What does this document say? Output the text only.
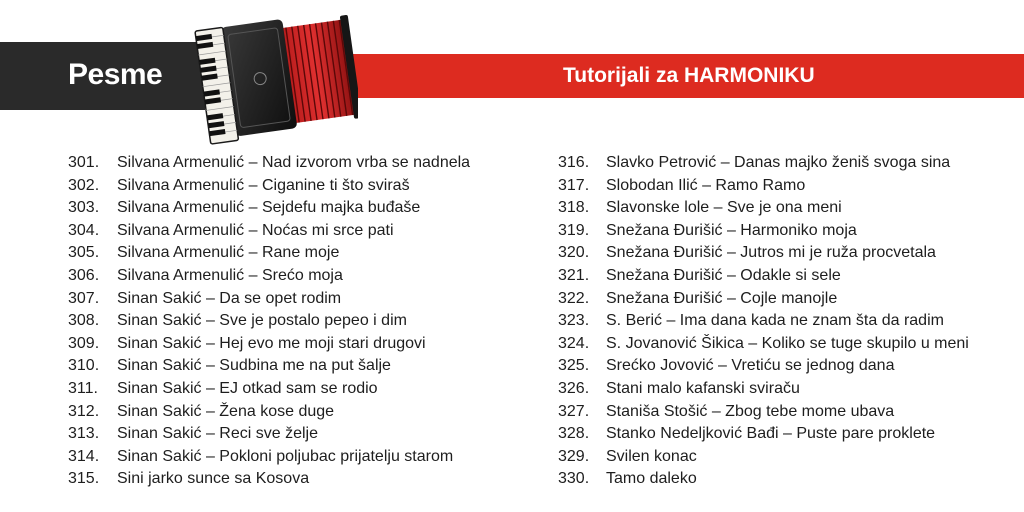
Pesme	Tutorijali za HARMONIKU
301. Silvana Armenulić – Nad izvorom vrba se nadnela
302. Silvana Armenulić – Ciganine ti što sviraš
303. Silvana Armenulić – Sejdefu majka buđaše
304. Silvana Armenulić – Noćas mi srce pati
305. Silvana Armenulić – Rane moje
306. Silvana Armenulić – Srećo moja
307. Sinan Sakić – Da se opet rodim
308. Sinan Sakić – Sve je postalo pepeo i dim
309. Sinan Sakić – Hej evo me moji stari drugovi
310. Sinan Sakić – Sudbina me na put šalje
311. Sinan Sakić – EJ otkad sam se rodio
312. Sinan Sakić – Žena kose duge
313. Sinan Sakić – Reci sve želje
314. Sinan Sakić – Pokloni poljubac prijatelju starom
315. Sini jarko sunce sa Kosova
316. Slavko Petrović – Danas majko ženiš svoga sina
317. Slobodan Ilić – Ramo Ramo
318. Slavonske lole – Sve je ona meni
319. Snežana Đurišić – Harmoniko moja
320. Snežana Đurišić – Jutros mi je ruža procvetala
321. Snežana Đurišić – Odakle si sele
322. Snežana Đurišić – Cojle manojle
323. S. Berić – Ima dana kada ne znam šta da radim
324. S. Jovanović Šikica – Koliko se tuge skupilo u meni
325. Srećko Jovović – Vretiću se jednog dana
326. Stani malo kafanski sviraču
327. Staniša Stošić – Zbog tebe mome ubava
328. Stanko Nedeljković Bađi – Puste pare proklete
329. Svilen konac
330. Tamo daleko
